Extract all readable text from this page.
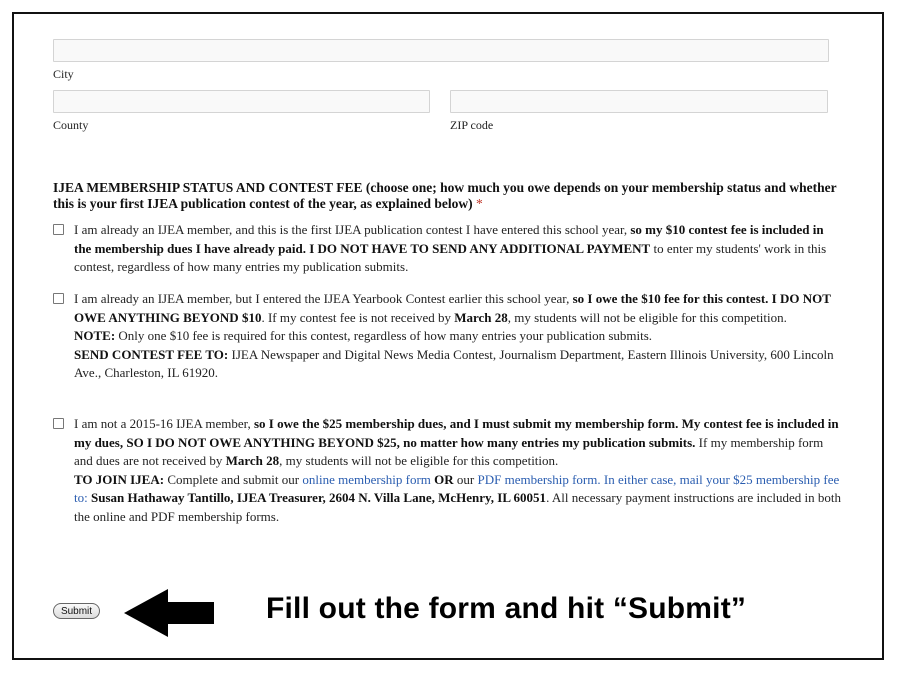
City
County	ZIP code
IJEA MEMBERSHIP STATUS AND CONTEST FEE (choose one; how much you owe depends on your membership status and whether this is your first IJEA publication contest of the year, as explained below) *
I am already an IJEA member, and this is the first IJEA publication contest I have entered this school year, so my $10 contest fee is included in the membership dues I have already paid. I DO NOT HAVE TO SEND ANY ADDITIONAL PAYMENT to enter my students' work in this contest, regardless of how many entries my publication submits.
I am already an IJEA member, but I entered the IJEA Yearbook Contest earlier this school year, so I owe the $10 fee for this contest. I DO NOT OWE ANYTHING BEYOND $10. If my contest fee is not received by March 28, my students will not be eligible for this competition.
NOTE: Only one $10 fee is required for this contest, regardless of how many entries your publication submits.
SEND CONTEST FEE TO: IJEA Newspaper and Digital News Media Contest, Journalism Department, Eastern Illinois University, 600 Lincoln Ave., Charleston, IL 61920.
I am not a 2015-16 IJEA member, so I owe the $25 membership dues, and I must submit my membership form. My contest fee is included in my dues, SO I DO NOT OWE ANYTHING BEYOND $25, no matter how many entries my publication submits. If my membership form and dues are not received by March 28, my students will not be eligible for this competition.
TO JOIN IJEA: Complete and submit our online membership form OR our PDF membership form. In either case, mail your $25 membership fee to: Susan Hathaway Tantillo, IJEA Treasurer, 2604 N. Villa Lane, McHenry, IL 60051. All necessary payment instructions are included in both the online and PDF membership forms.
Submit	Fill out the form and hit “Submit”
